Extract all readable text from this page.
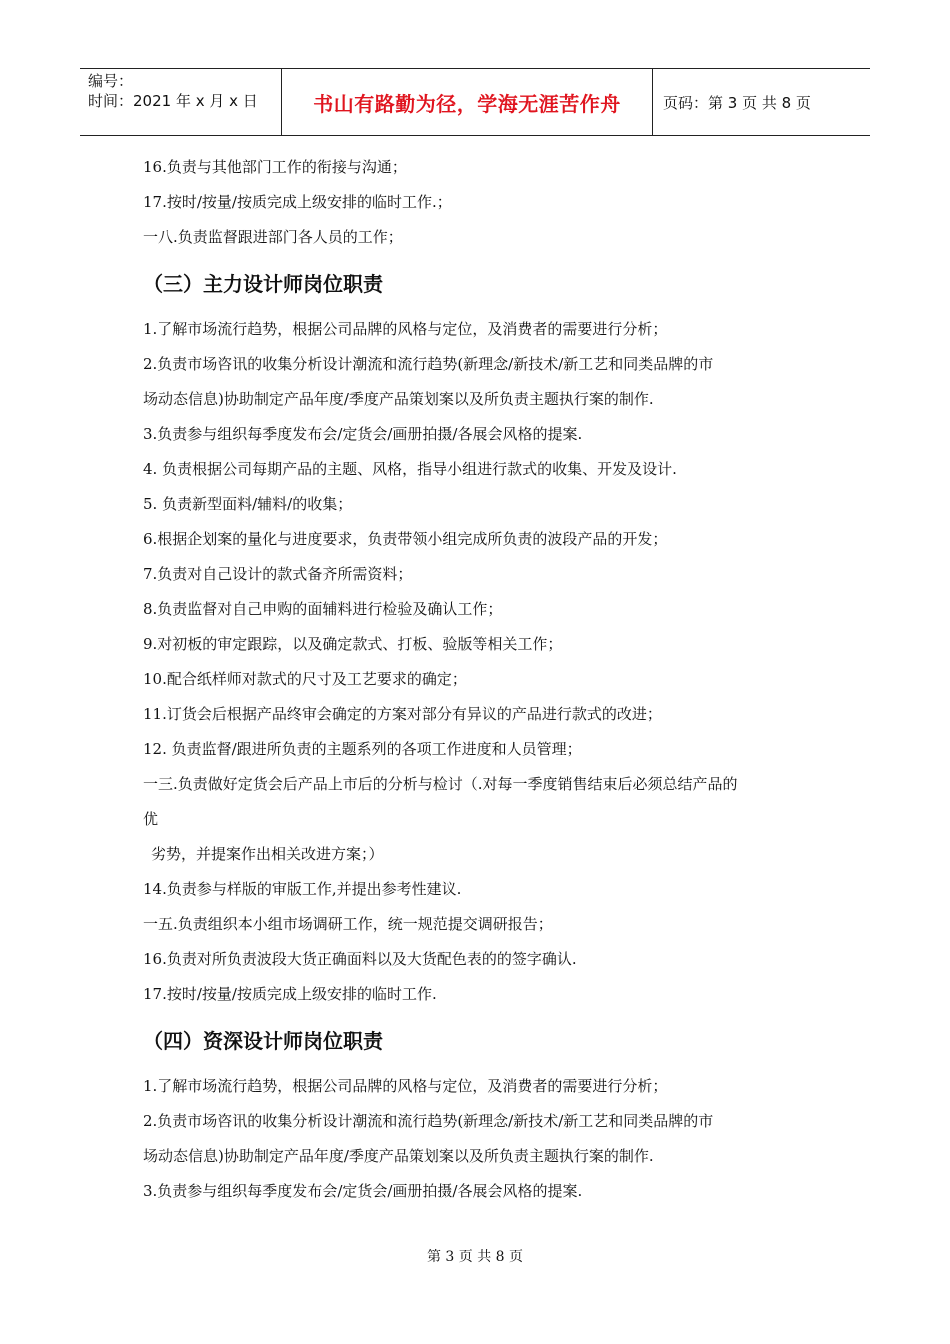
编号：
时间：2021 年 x 月 x 日	书山有路勤为径，学海无涯苦作舟	页码：第 3 页 共 8 页
16.负责与其他部门工作的衔接与沟通；
17.按时/按量/按质完成上级安排的临时工作.；
一八.负责监督跟进部门各人员的工作；
（三）主力设计师岗位职责
1.了解市场流行趋势，根据公司品牌的风格与定位，及消费者的需要进行分析；
2.负责市场咨讯的收集分析设计潮流和流行趋势(新理念/新技术/新工艺和同类品牌的市
场动态信息)协助制定产品年度/季度产品策划案以及所负责主题执行案的制作.
3.负责参与组织每季度发布会/定货会/画册拍摄/各展会风格的提案.
4. 负责根据公司每期产品的主题、风格，指导小组进行款式的收集、开发及设计.
5. 负责新型面料/辅料/的收集；
6.根据企划案的量化与进度要求，负责带领小组完成所负责的波段产品的开发；
7.负责对自己设计的款式备齐所需资料；
8.负责监督对自己申购的面辅料进行检验及确认工作；
9.对初板的审定跟踪，以及确定款式、打板、验版等相关工作；
10.配合纸样师对款式的尺寸及工艺要求的确定；
11.订货会后根据产品终审会确定的方案对部分有异议的产品进行款式的改进；
12. 负责监督/跟进所负责的主题系列的各项工作进度和人员管理；
一三.负责做好定货会后产品上市后的分析与检讨（.对每一季度销售结束后必须总结产品的
优
劣势，并提案作出相关改进方案；）
14.负责参与样版的审版工作,并提出参考性建议.
一五.负责组织本小组市场调研工作，统一规范提交调研报告；
16.负责对所负责波段大货正确面料以及大货配色表的的签字确认.
17.按时/按量/按质完成上级安排的临时工作.
（四）资深设计师岗位职责
1.了解市场流行趋势，根据公司品牌的风格与定位，及消费者的需要进行分析；
2.负责市场咨讯的收集分析设计潮流和流行趋势(新理念/新技术/新工艺和同类品牌的市
场动态信息)协助制定产品年度/季度产品策划案以及所负责主题执行案的制作.
3.负责参与组织每季度发布会/定货会/画册拍摄/各展会风格的提案.
第 3 页 共 8 页
